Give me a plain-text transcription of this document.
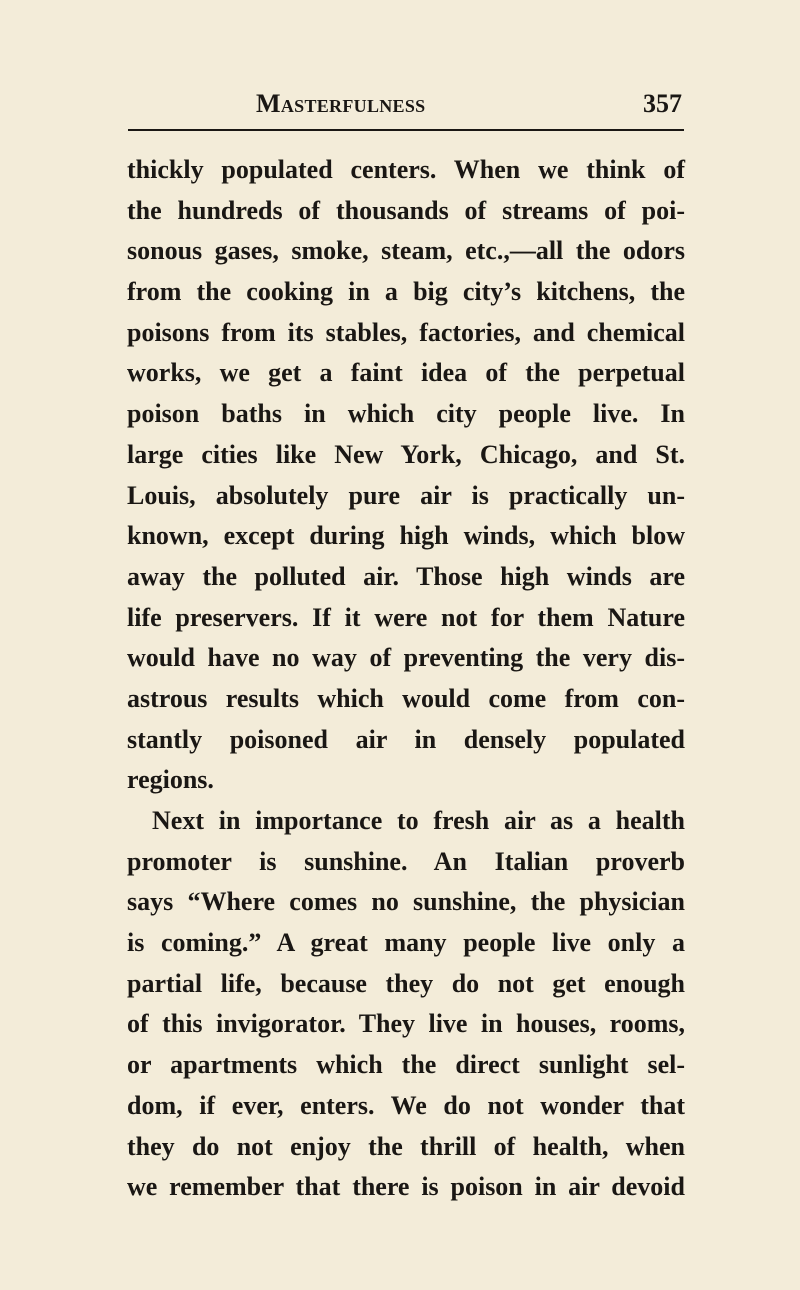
Masterfulness	357
thickly populated centers. When we think of
the hundreds of thousands of streams of poi-
sonous gases, smoke, steam, etc.,—all the odors
from the cooking in a big city’s kitchens, the
poisons from its stables, factories, and chemical
works, we get a faint idea of the perpetual
poison baths in which city people live. In
large cities like New York, Chicago, and St.
Louis, absolutely pure air is practically un-
known, except during high winds, which blow
away the polluted air. Those high winds are
life preservers. If it were not for them Nature
would have no way of preventing the very dis-
astrous results which would come from con-
stantly poisoned air in densely populated
regions.
Next in importance to fresh air as a health
promoter is sunshine. An Italian proverb
says “Where comes no sunshine, the physician
is coming.” A great many people live only a
partial life, because they do not get enough
of this invigorator. They live in houses, rooms,
or apartments which the direct sunlight sel-
dom, if ever, enters. We do not wonder that
they do not enjoy the thrill of health, when
we remember that there is poison in air devoid
